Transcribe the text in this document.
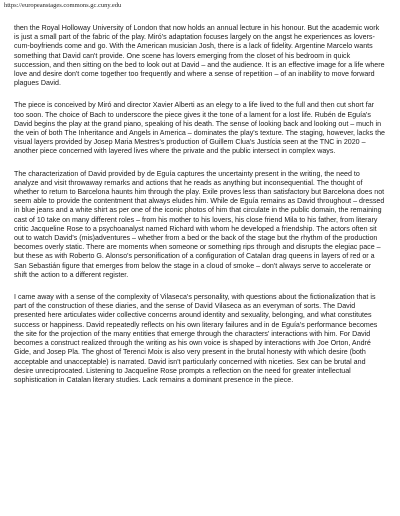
https://europeanstages.commons.gc.cuny.edu

then the Royal Holloway University of London that now holds an annual lecture in his honour. But the academic work is just a small part of the fabric of the play. Miró's adaptation focuses largely on the angst he experiences as lovers-cum-boyfriends come and go. With the American musician Josh, there is a lack of fidelity. Argentine Marcelo wants something that David can't provide. One scene has lovers emerging from the closet of his bedroom in quick succession, and then sitting on the bed to look out at David – and the audience. It is an effective image for a life where love and desire don't come together too frequently and where a sense of repetition – of an inability to move forward plagues David.

The piece is conceived by Miró and director Xavier Alberti as an elegy to a life lived to the full and then cut short far too soon. The choice of Bach to underscore the piece gives it the tone of a lament for a lost life. Rubén de Eguía's David begins the play at the grand piano, speaking of his death. The sense of looking back and looking out – much in the vein of both The Inheritance and Angels in America – dominates the play's texture. The staging, however, lacks the visual layers provided by Josep Maria Mestres's production of Guillem Clua's Justícia seen at the TNC in 2020 – another piece concerned with layered lives where the private and the public intersect in complex ways.

The characterization of David provided by de Eguía captures the uncertainty present in the writing, the need to analyze and visit throwaway remarks and actions that he reads as anything but inconsequential. The thought of whether to return to Barcelona haunts him through the play. Exile proves less than satisfactory but Barcelona does not seem able to provide the contentment that always eludes him. While de Eguía remains as David throughout – dressed in blue jeans and a white shirt as per one of the iconic photos of him that circulate in the public domain, the remaining cast of 10 take on many different roles – from his mother to his lovers, his close friend Mila to his father, from literary critic Jacqueline Rose to a psychoanalyst named Richard with whom he developed a friendship. The actors often sit out to watch David's (mis)adventures – whether from a bed or the back of the stage but the rhythm of the production becomes overly static. There are moments when someone or something rips through and disrupts the elegiac pace – but these as with Roberto G. Alonso's personification of a configuration of Catalan drag queens in layers of red or a San Sebastián figure that emerges from below the stage in a cloud of smoke – don't always serve to accelerate or shift the action to a different register.

I came away with a sense of the complexity of Vilaseca's personality, with questions about the fictionalization that is part of the construction of these diaries, and the sense of David Vilaseca as an everyman of sorts. The David presented here articulates wider collective concerns around identity and sexuality, belonging, and what constitutes success or happiness. David repeatedly reflects on his own literary failures and in de Eguía's performance becomes the site for the projection of the many entities that emerge through the characters' interactions with him. For David becomes a construct realized through the writing as his own voice is shaped by interactions with Joe Orton, André Gide, and Josep Pla. The ghost of Terenci Moix is also very present in the brutal honesty with which desire (both acceptable and unacceptable) is narrated. David isn't particularly concerned with niceties. Sex can be brutal and desire unreciprocated. Listening to Jacqueline Rose prompts a reflection on the need for greater intellectual sophistication in Catalan literary studies. Lack remains a dominant presence in the piece.
